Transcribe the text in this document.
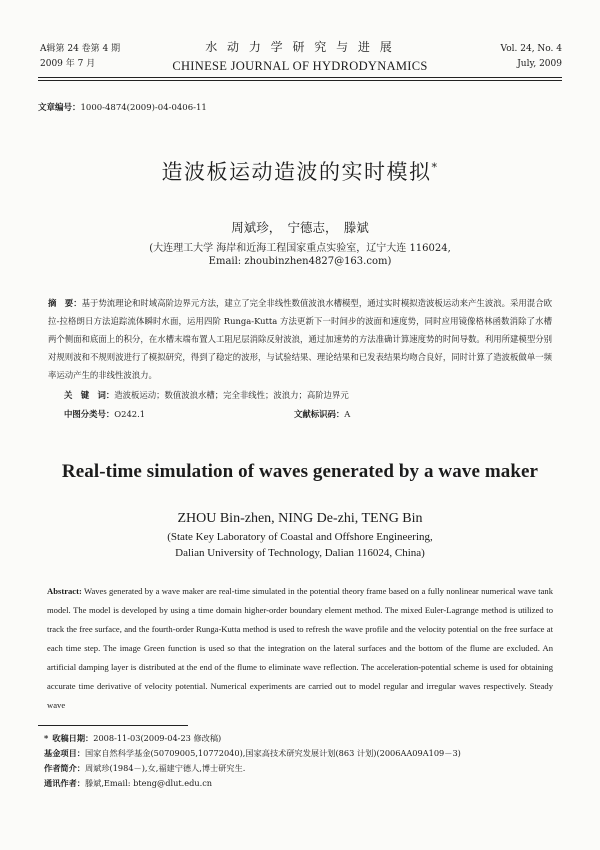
A辑第 24 卷第 4 期
2009 年 7 月
水 动 力 学 研 究 与 进 展
CHINESE JOURNAL OF HYDRODYNAMICS
Vol. 24, No. 4
July, 2009
文章编号：1000-4874(2009)-04-0406-11
造波板运动造波的实时模拟*
周斌珍，　宁德志，　滕斌
(大连理工大学 海岸和近海工程国家重点实验室，辽宁大连 116024,
Email: zhoubinzhen4827@163.com)
摘　要：基于势流理论和时域高阶边界元方法，建立了完全非线性数值波浪水槽模型，通过实时模拟造波板运动来产生波浪。采用混合欧拉-拉格朗日方法追踪流体瞬时水面，运用四阶 Runga-Kutta 方法更新下一时间步的波面和速度势，同时应用镜像格林函数消除了水槽两个侧面和底面上的积分，在水槽末端布置人工阻尼层消除反射波浪，通过加速势的方法准确计算速度势的时间导数。利用所建模型分别对规则波和不规则波进行了模拟研究，得到了稳定的波形，与试验结果、理论结果和已发表结果均吻合良好，同时计算了造波板做单一频率运动产生的非线性波浪力。
关　键　词：造波板运动；数值波浪水槽；完全非线性；波浪力；高阶边界元
中图分类号：O242.1	文献标识码：A
Real-time simulation of waves generated by a wave maker
ZHOU Bin-zhen, NING De-zhi, TENG Bin
(State Key Laboratory of Coastal and Offshore Engineering,
Dalian University of Technology, Dalian 116024, China)
Abstract: Waves generated by a wave maker are real-time simulated in the potential theory frame based on a fully nonlinear numerical wave tank model. The model is developed by using a time domain higher-order boundary element method. The mixed Euler-Lagrange method is utilized to track the free surface, and the fourth-order Runga-Kutta method is used to refresh the wave profile and the velocity potential on the free surface at each time step. The image Green function is used so that the integration on the lateral surfaces and the bottom of the flume are excluded. An artificial damping layer is distributed at the end of the flume to eliminate wave reflection. The acceleration-potential scheme is used for obtaining accurate time derivative of velocity potential. Numerical experiments are carried out to model regular and irregular waves respectively. Steady wave
* 收稿日期：2008-11-03(2009-04-23 修改稿)
基金项目：国家自然科学基金(50709005,10772040),国家高技术研究发展计划(863 计划)(2006AA09A109－3)
作者简介：周斌珍(1984－),女,福建宁德人,博士研究生.
通讯作者：滕斌,Email: bteng@dlut.edu.cn
